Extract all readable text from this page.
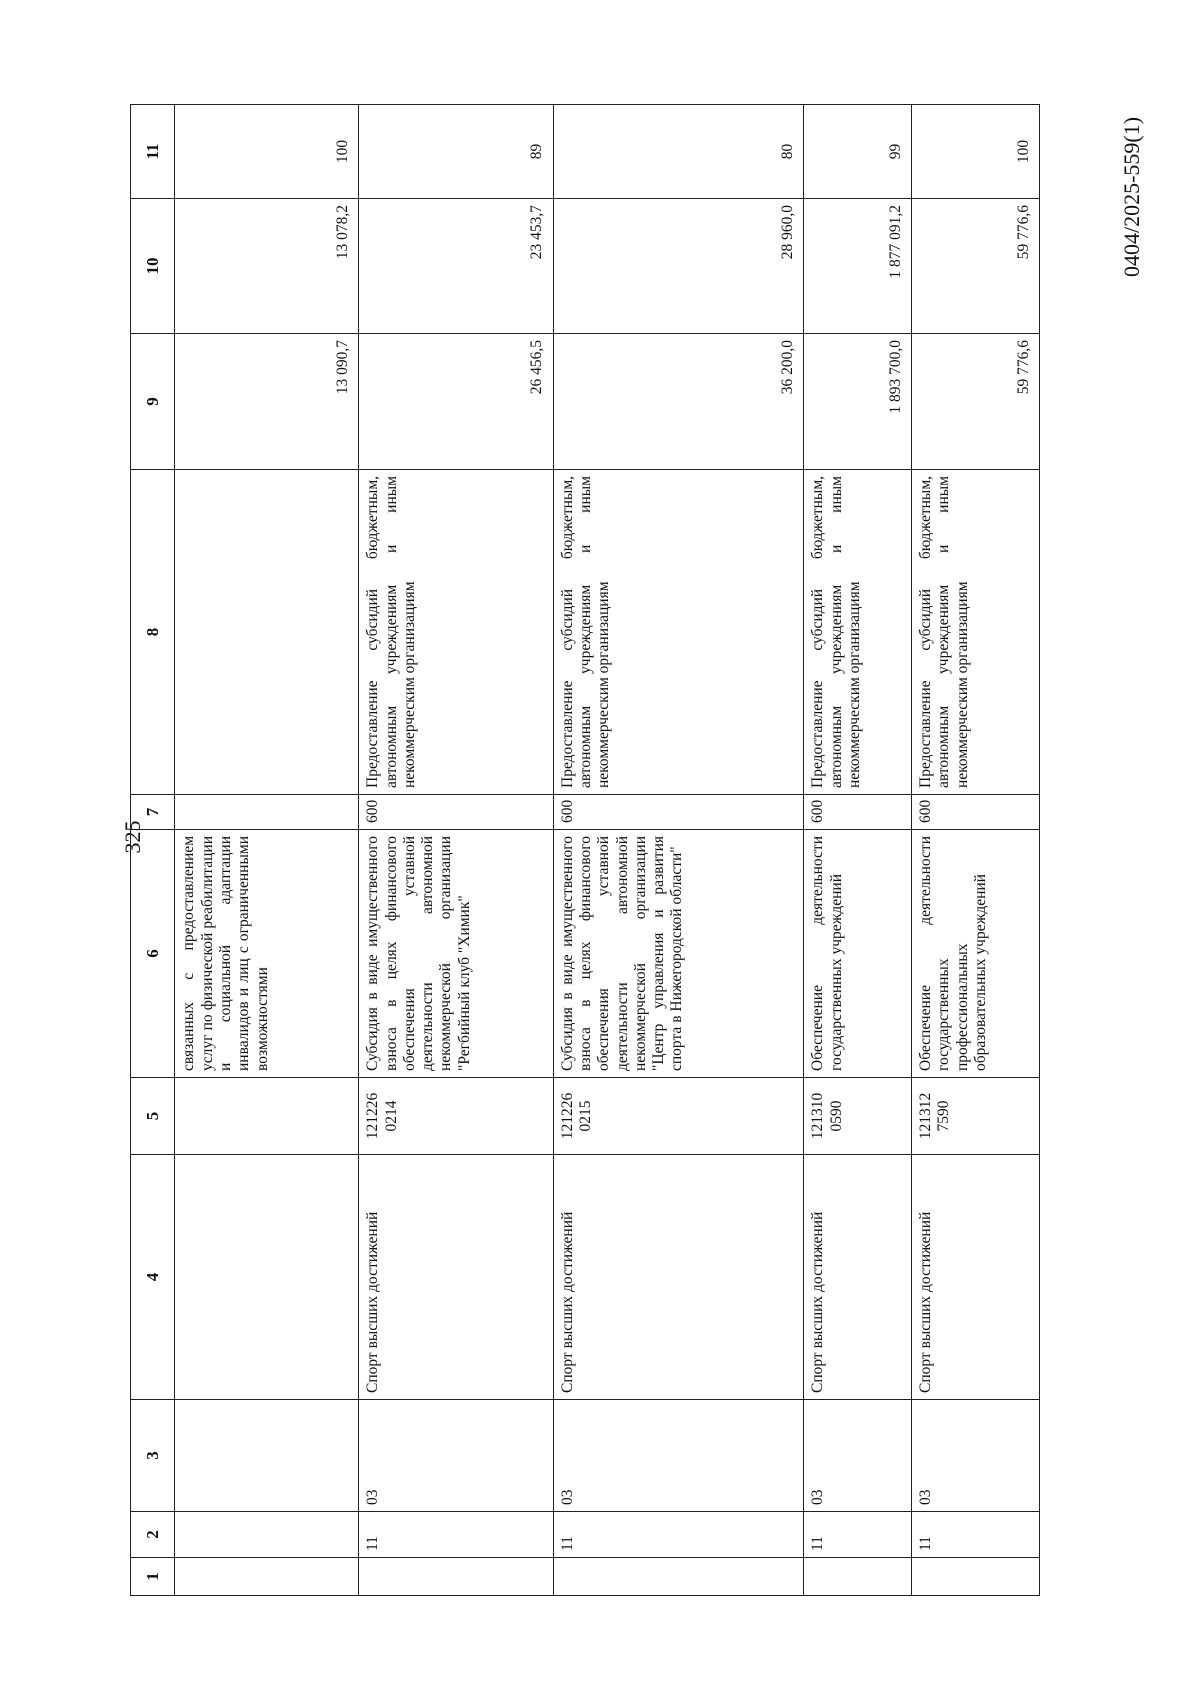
325
0404/2025-559(1)
1	2	3	4	5	6	7	8	9	10	11
					связанных с предоставлением услуг по физической реабилитации и социальной адаптации инвалидов и лиц с ограниченными возможностями			13 090,7	13 078,2	100
	11	03	Спорт высших достижений	121226 0214	Субсидия в виде имущественного взноса в целях финансового обеспечения уставной деятельности автономной некоммерческой организации "Регбийный клуб "Химик"	600	Предоставление субсидий бюджетным, автономным учреждениям и иным некоммерческим организациям	26 456,5	23 453,7	89
	11	03	Спорт высших достижений	121226 0215	Субсидия в виде имущественного взноса в целях финансового обеспечения уставной деятельности автономной некоммерческой организации "Центр управления и развития спорта в Нижегородской области"	600	Предоставление субсидий бюджетным, автономным учреждениям и иным некоммерческим организациям	36 200,0	28 960,0	80
	11	03	Спорт высших достижений	121310 0590	Обеспечение деятельности государственных учреждений	600	Предоставление субсидий бюджетным, автономным учреждениям и иным некоммерческим организациям	1 893 700,0	1 877 091,2	99
	11	03	Спорт высших достижений	121312 7590	Обеспечение деятельности государственных профессиональных образовательных учреждений	600	Предоставление субсидий бюджетным, автономным учреждениям и иным некоммерческим организациям	59 776,6	59 776,6	100
